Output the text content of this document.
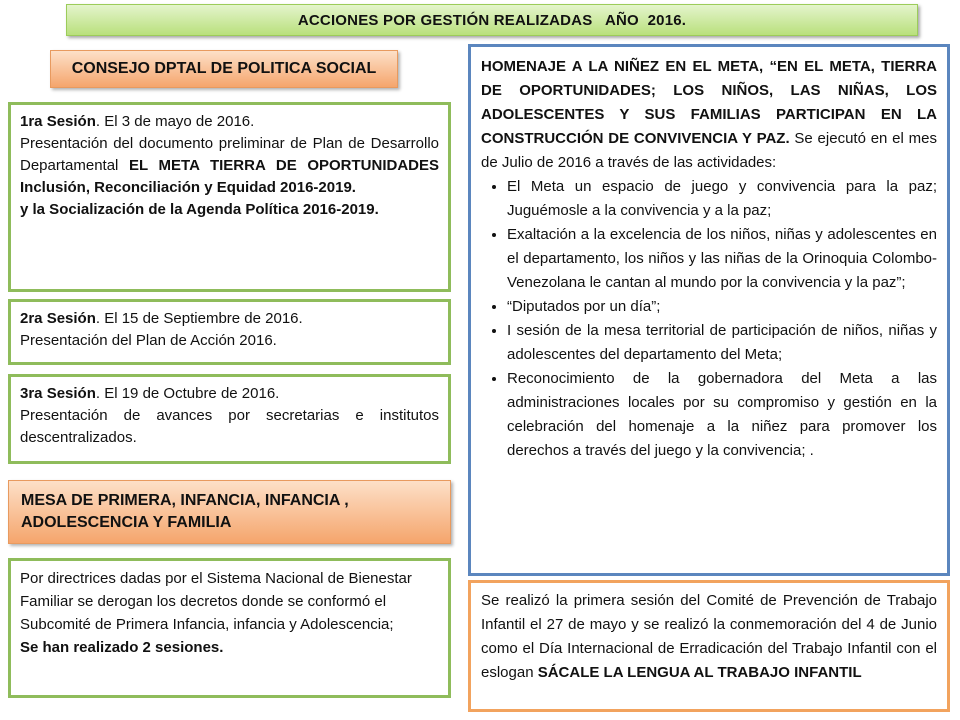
ACCIONES POR GESTIÓN REALIZADAS   AÑO  2016.
CONSEJO DPTAL DE POLITICA SOCIAL
1ra Sesión. El 3 de mayo de 2016.
Presentación del documento preliminar de Plan de Desarrollo Departamental EL META TIERRA DE OPORTUNIDADES Inclusión, Reconciliación y Equidad 2016-2019.
y la Socialización de la Agenda Política 2016-2019.
2ra Sesión. El 15 de Septiembre de 2016.
Presentación del Plan de Acción 2016.
3ra Sesión. El 19 de Octubre de 2016.
Presentación de avances por secretarias e institutos descentralizados.
MESA DE PRIMERA, INFANCIA, INFANCIA , ADOLESCENCIA Y FAMILIA
Por directrices dadas por el Sistema Nacional de Bienestar Familiar se derogan los decretos donde se conformó el Subcomité de Primera Infancia, infancia y Adolescencia;
Se han realizado 2 sesiones.
HOMENAJE A LA NIÑEZ EN EL META, “EN EL META, TIERRA DE OPORTUNIDADES; LOS NIÑOS, LAS NIÑAS, LOS ADOLESCENTES Y SUS FAMILIAS PARTICIPAN EN LA CONSTRUCCIÓN DE CONVIVENCIA Y PAZ. Se ejecutó en el mes de Julio de 2016 a través de las actividades:
• El Meta un espacio de juego y convivencia para la paz; Juguémosle a la convivencia y a la paz;
• Exaltación a la excelencia de los niños, niñas y adolescentes en el departamento, los niños y las niñas de la Orinoquia Colombo- Venezolana le cantan al mundo por la convivencia y la paz”;
• “Diputados por un día”;
• I sesión de la mesa territorial de participación de niños, niñas y adolescentes del departamento del Meta;
• Reconocimiento de la gobernadora del Meta a las administraciones locales por su compromiso y gestión en la celebración del homenaje a la niñez para promover los derechos a través del juego y la convivencia; .
Se realizó la primera sesión del Comité de Prevención de Trabajo Infantil el 27 de mayo y se realizó la conmemoración del 4 de Junio como el Día Internacional de Erradicación del Trabajo Infantil con el eslogan SÁCALE LA LENGUA AL TRABAJO INFANTIL
